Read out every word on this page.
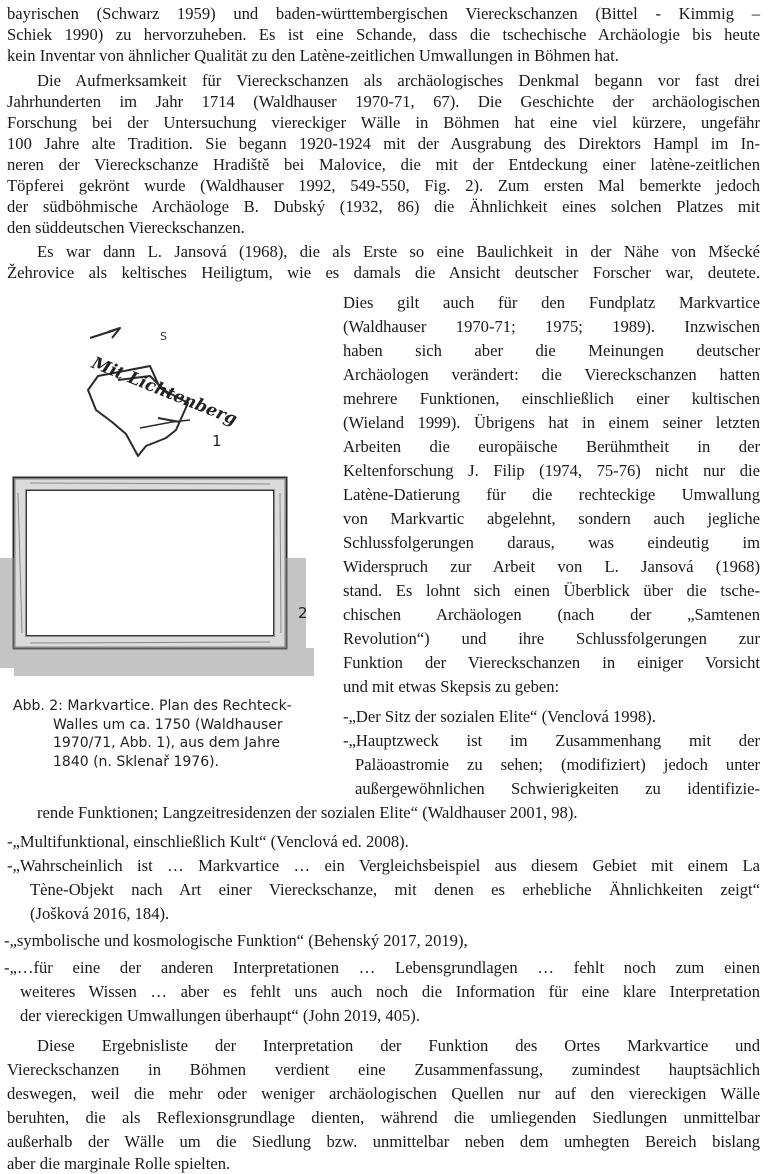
bayrischen (Schwarz 1959) und baden-württembergischen Viereckschanzen (Bittel - Kimmig –
Schiek 1990) zu hervorzuheben. Es ist eine Schande, dass die tschechische Archäologie bis heute
kein Inventar von ähnlicher Qualität zu den Latène-zeitlichen Umwallungen in Böhmen hat.
Die Aufmerksamkeit für Viereckschanzen als archäologisches Denkmal begann vor fast drei
Jahrhunderten im Jahr 1714 (Waldhauser 1970-71, 67). Die Geschichte der archäologischen
Forschung bei der Untersuchung viereckiger Wälle in Böhmen hat eine viel kürzere, ungefähr
100 Jahre alte Tradition. Sie begann 1920-1924 mit der Ausgrabung des Direktors Hampl im In-
neren der Viereckschanze Hradiště bei Malovice, die mit der Entdeckung einer latène-zeitlichen
Töpferei gekrönt wurde (Waldhauser 1992, 549-550, Fig. 2). Zum ersten Mal bemerkte jedoch
der südböhmische Archäologe B. Dubský (1932, 86) die Ähnlichkeit eines solchen Platzes mit
den süddeutschen Viereckschanzen.
Es war dann L. Jansová (1968), die als Erste so eine Baulichkeit in der Nähe von Mšecké
Žehrovice als keltisches Heiligtum, wie es damals die Ansicht deutscher Forscher war, deutete.
Dies gilt auch für den Fundplatz Markvartice
(Waldhauser 1970-71; 1975; 1989). Inzwischen
haben sich aber die Meinungen deutscher
Archäologen verändert: die Viereckschanzen hatten
mehrere Funktionen, einschließlich einer kultischen
(Wieland 1999). Übrigens hat in einem seiner letzten
Arbeiten die europäische Berühmtheit in der
Keltenforschung J. Filip (1974, 75-76) nicht nur die
Latène-Datierung für die rechteckige Umwallung
von Markvartic abgelehnt, sondern auch jegliche
Schlussfolgerungen daraus, was eindeutig im
Widerspruch zur Arbeit von L. Jansová (1968)
stand. Es lohnt sich einen Überblick über die tsche-
chischen Archäologen (nach der „Samtenen
Revolution“) und ihre Schlussfolgerungen zur
Funktion der Viereckschanzen in einiger Vorsicht
und mit etwas Skepsis zu geben:
-„Der Sitz der sozialen Elite“ (Venclová 1998).
-„Hauptzweck ist im Zusammenhang mit der
Paläoastromie zu sehen; (modifiziert) jedoch unter
außergewöhnlichen Schwierigkeiten zu identifizie-
rende Funktionen; Langzeitresidenzen der sozialen Elite“ (Waldhauser 2001, 98).
-„Multifunktional, einschließlich Kult“ (Venclová ed. 2008).
-„Wahrscheinlich ist … Markvartice … ein Vergleichsbeispiel aus diesem Gebiet mit einem La
Tène-Objekt nach Art einer Viereckschanze, mit denen es erhebliche Ähnlichkeiten zeigt“
(Jošková 2016, 184).
-„symbolische und kosmologische Funktion“ (Behenský 2017, 2019),
-„…für eine der anderen Interpretationen … Lebensgrundlagen … fehlt noch zum einen
weiteres Wissen … aber es fehlt uns auch noch die Information für eine klare Interpretation
der viereckigen Umwallungen überhaupt“ (John 2019, 405).
Diese Ergebnisliste der Interpretation der Funktion des Ortes Markvartice und
Viereckschanzen in Böhmen verdient eine Zusammenfassung, zumindest hauptsächlich
deswegen, weil die mehr oder weniger archäologischen Quellen nur auf den viereckigen Wälle
beruhten, die als Reflexionsgrundlage dienten, während die umliegenden Siedlungen unmittelbar
außerhalb der Wälle um die Siedlung bzw. unmittelbar neben dem umhegten Bereich bislang
aber die marginale Rolle spielten.
S
Mit Lichtenberg
1
2
Abb. 2: Markvartice. Plan des Rechteck-
Walles um ca. 1750 (Waldhauser
1970/71, Abb. 1), aus dem Jahre
1840 (n. Sklenař 1976).
